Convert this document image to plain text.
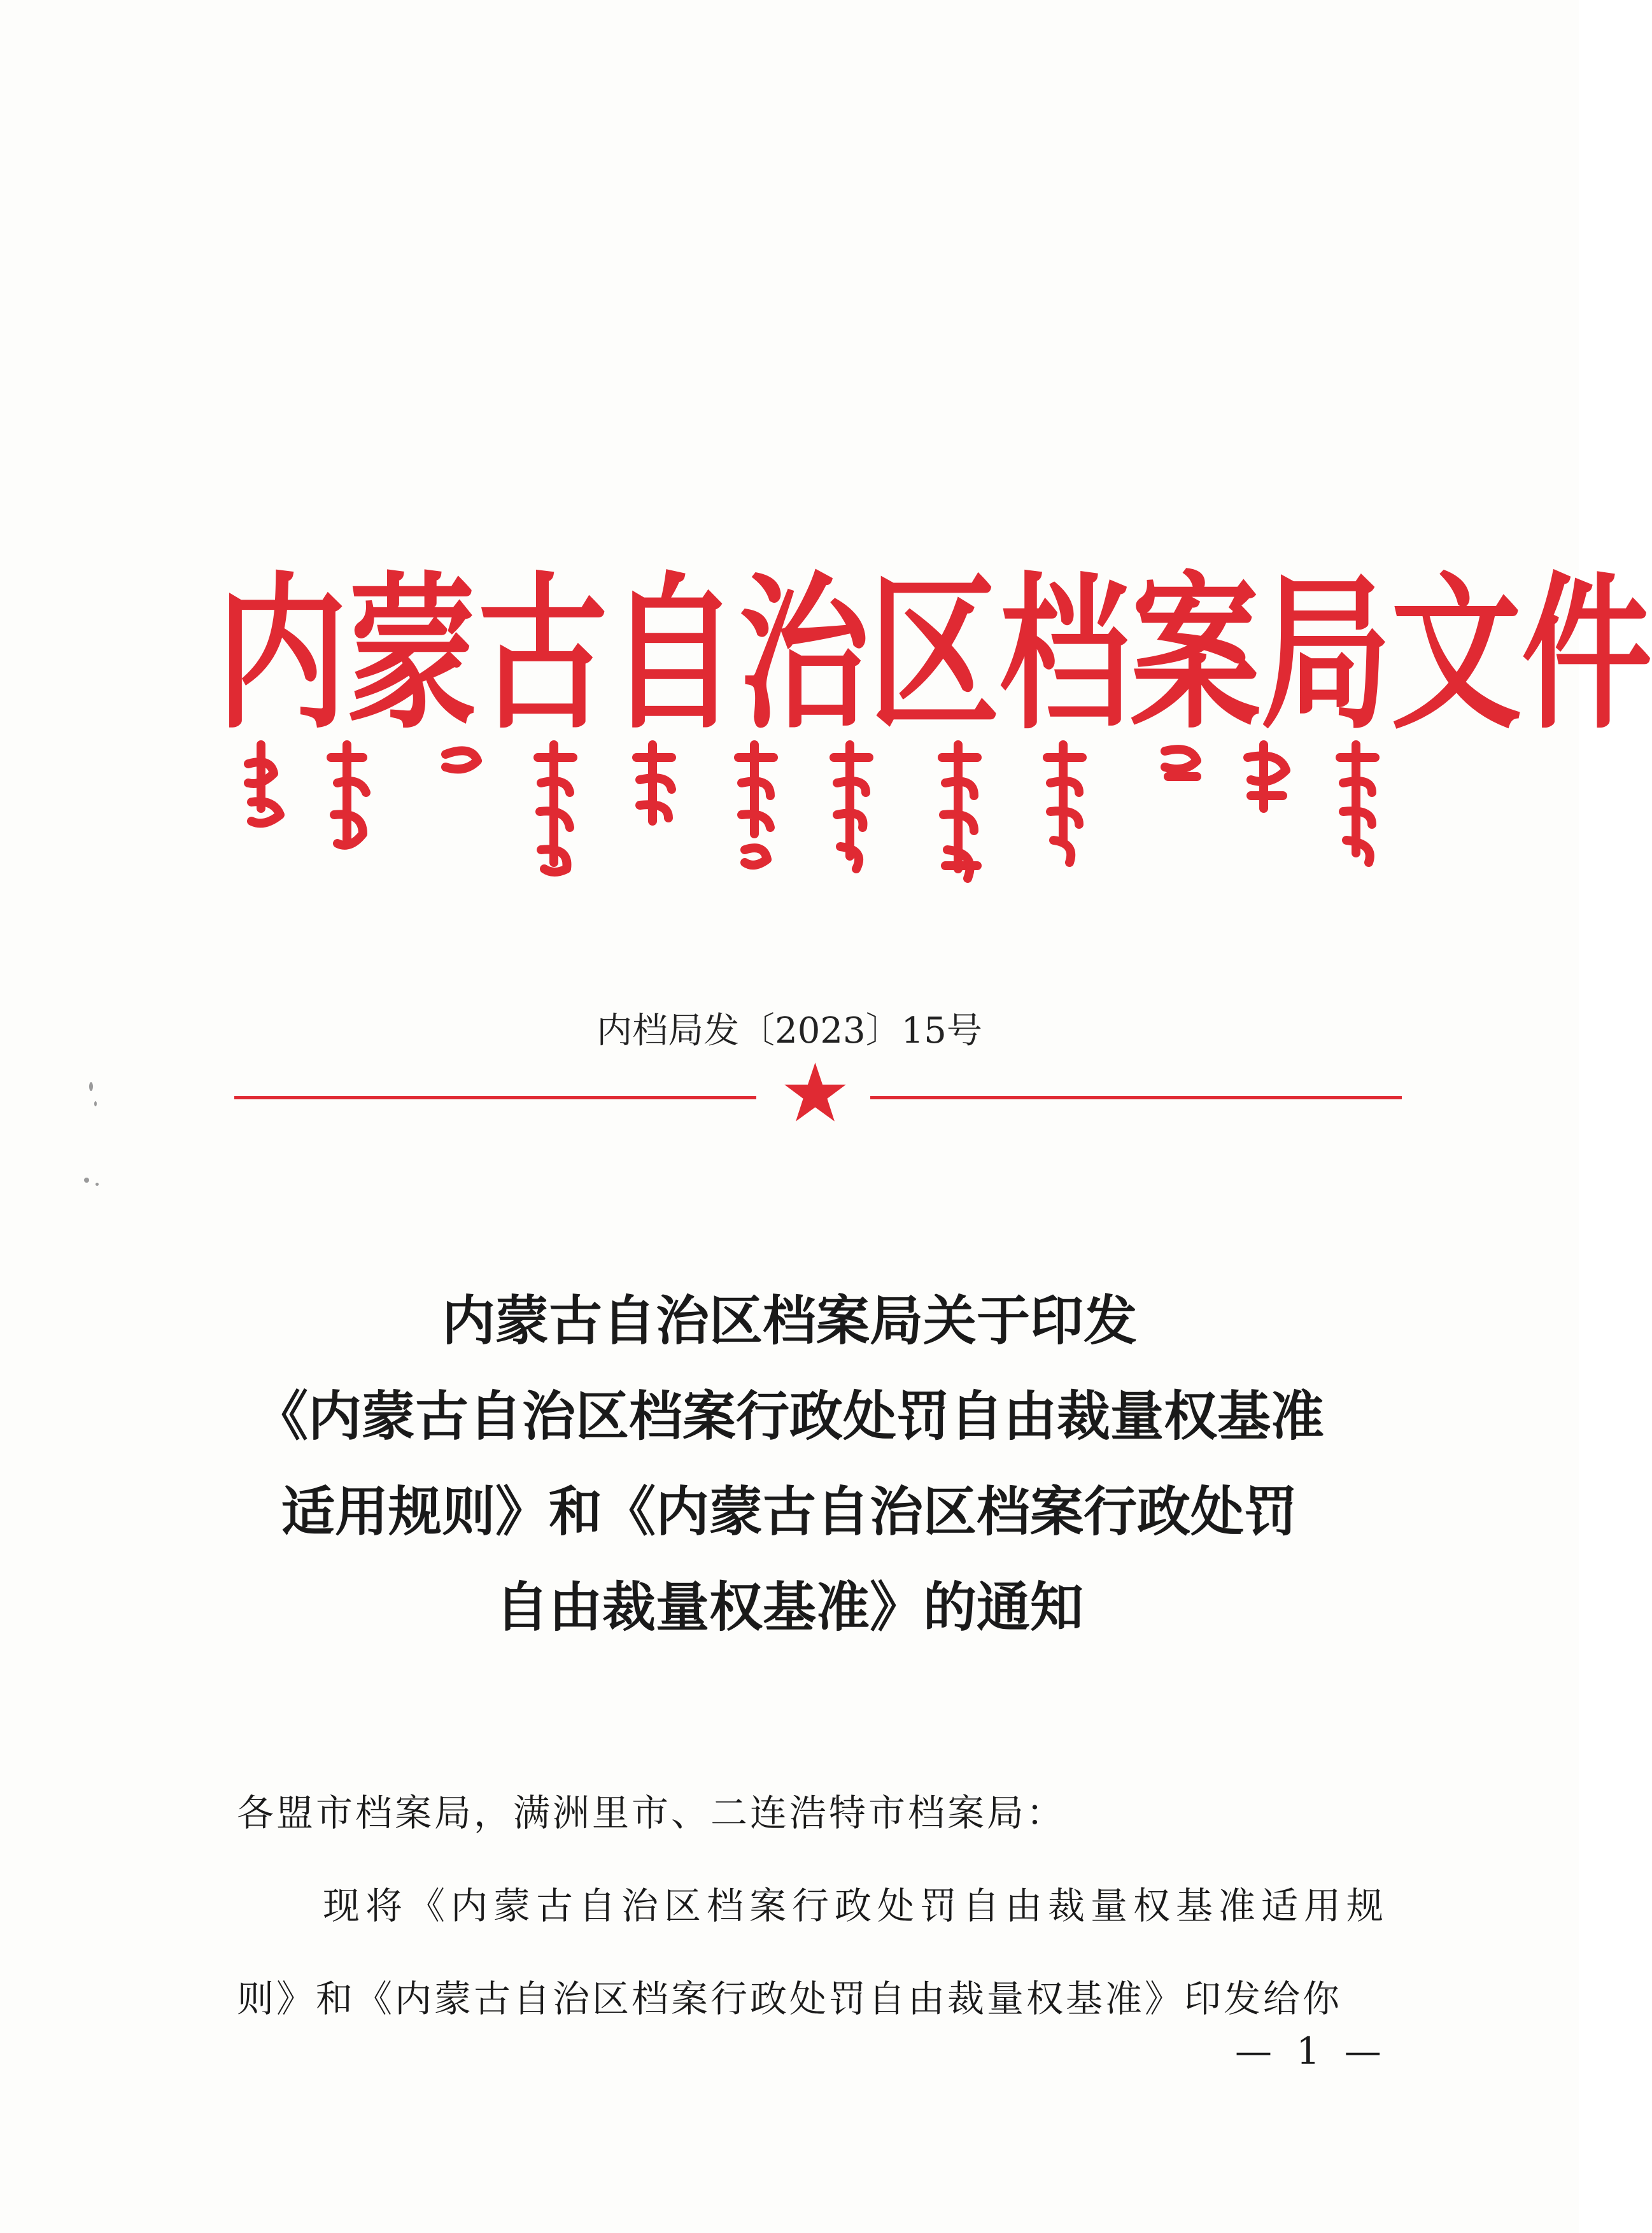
内 蒙 古 自 治 区 档 案 局 文 件
内档局发〔2023〕15号
内蒙古自治区档案局关于印发
《内蒙古自治区档案行政处罚自由裁量权基准
适用规则》和《内蒙古自治区档案行政处罚
自由裁量权基准》的通知
各盟市档案局，满洲里市、二连浩特市档案局：
现将《内蒙古自治区档案行政处罚自由裁量权基准适用规
则》和《内蒙古自治区档案行政处罚自由裁量权基准》印发给你
— 1 —
